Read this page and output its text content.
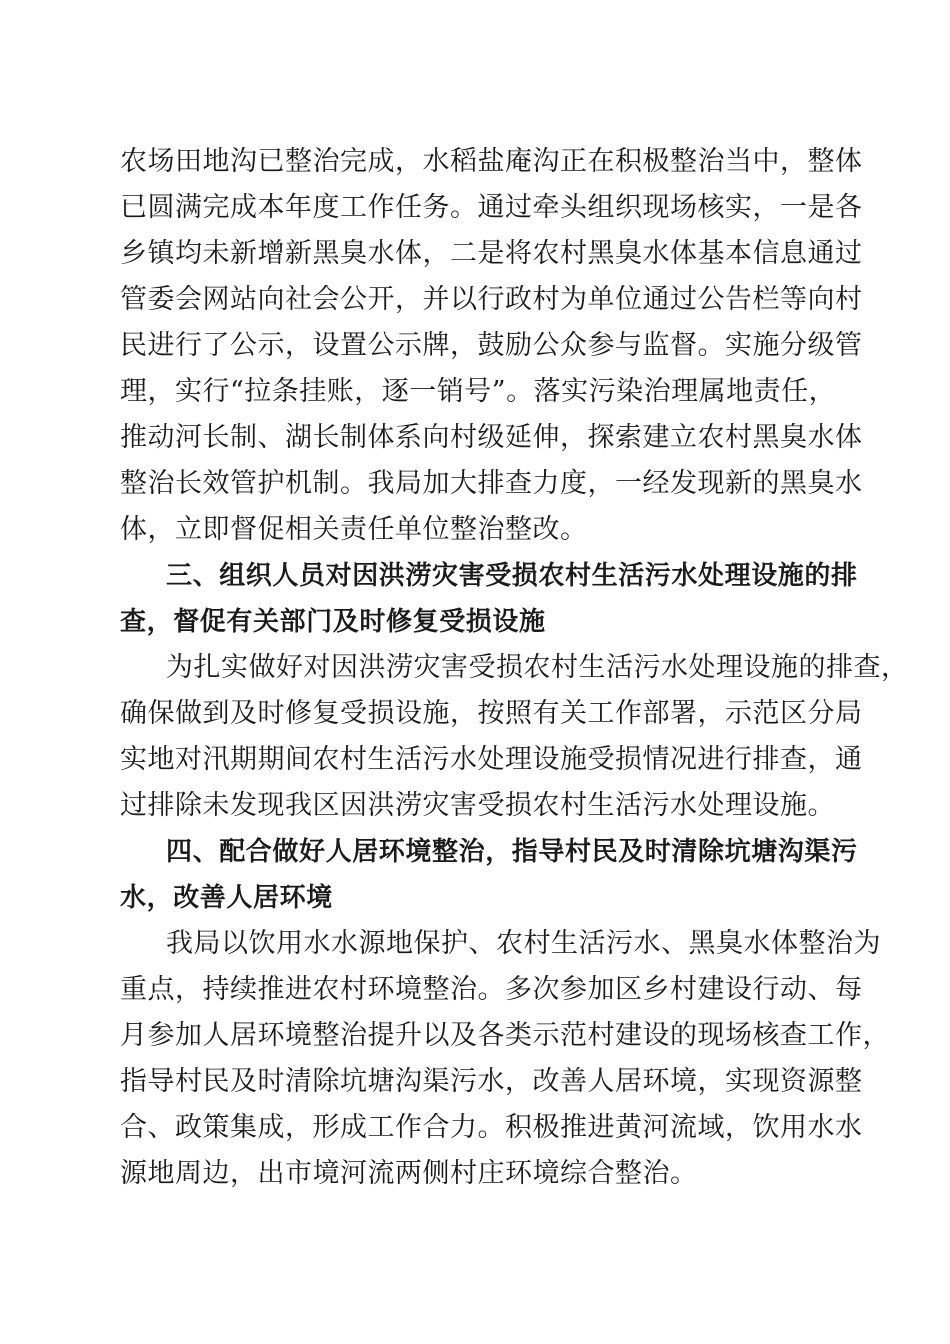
农场田地沟已整治完成，水稻盐庵沟正在积极整治当中，整体
已圆满完成本年度工作任务。通过牵头组织现场核实，一是各
乡镇均未新增新黑臭水体，二是将农村黑臭水体基本信息通过
管委会网站向社会公开，并以行政村为单位通过公告栏等向村
民进行了公示，设置公示牌，鼓励公众参与监督。实施分级管
理，实行“拉条挂账，逐一销号”。落实污染治理属地责任，
推动河长制、湖长制体系向村级延伸，探索建立农村黑臭水体
整治长效管护机制。我局加大排查力度，一经发现新的黑臭水
体，立即督促相关责任单位整治整改。
三、组织人员对因洪涝灾害受损农村生活污水处理设施的排
查，督促有关部门及时修复受损设施
为扎实做好对因洪涝灾害受损农村生活污水处理设施的排查，
确保做到及时修复受损设施，按照有关工作部署，示范区分局
实地对汛期期间农村生活污水处理设施受损情况进行排查，通
过排除未发现我区因洪涝灾害受损农村生活污水处理设施。
四、配合做好人居环境整治，指导村民及时清除坑塘沟渠污
水，改善人居环境
我局以饮用水水源地保护、农村生活污水、黑臭水体整治为
重点，持续推进农村环境整治。多次参加区乡村建设行动、每
月参加人居环境整治提升以及各类示范村建设的现场核查工作，
指导村民及时清除坑塘沟渠污水，改善人居环境，实现资源整
合、政策集成，形成工作合力。积极推进黄河流域，饮用水水
源地周边，出市境河流两侧村庄环境综合整治。
